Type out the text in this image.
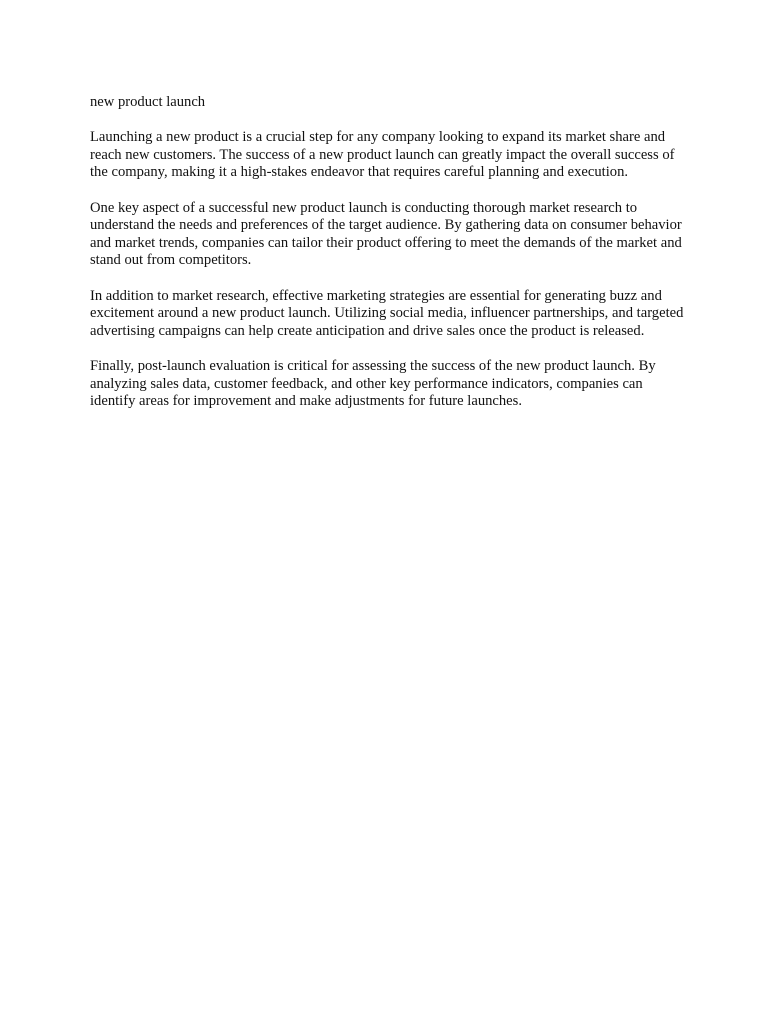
new product launch

Launching a new product is a crucial step for any company looking to expand its market share and reach new customers. The success of a new product launch can greatly impact the overall success of the company, making it a high-stakes endeavor that requires careful planning and execution.

One key aspect of a successful new product launch is conducting thorough market research to understand the needs and preferences of the target audience. By gathering data on consumer behavior and market trends, companies can tailor their product offering to meet the demands of the market and stand out from competitors.

In addition to market research, effective marketing strategies are essential for generating buzz and excitement around a new product launch. Utilizing social media, influencer partnerships, and targeted advertising campaigns can help create anticipation and drive sales once the product is released.

Finally, post-launch evaluation is critical for assessing the success of the new product launch. By analyzing sales data, customer feedback, and other key performance indicators, companies can identify areas for improvement and make adjustments for future launches.
